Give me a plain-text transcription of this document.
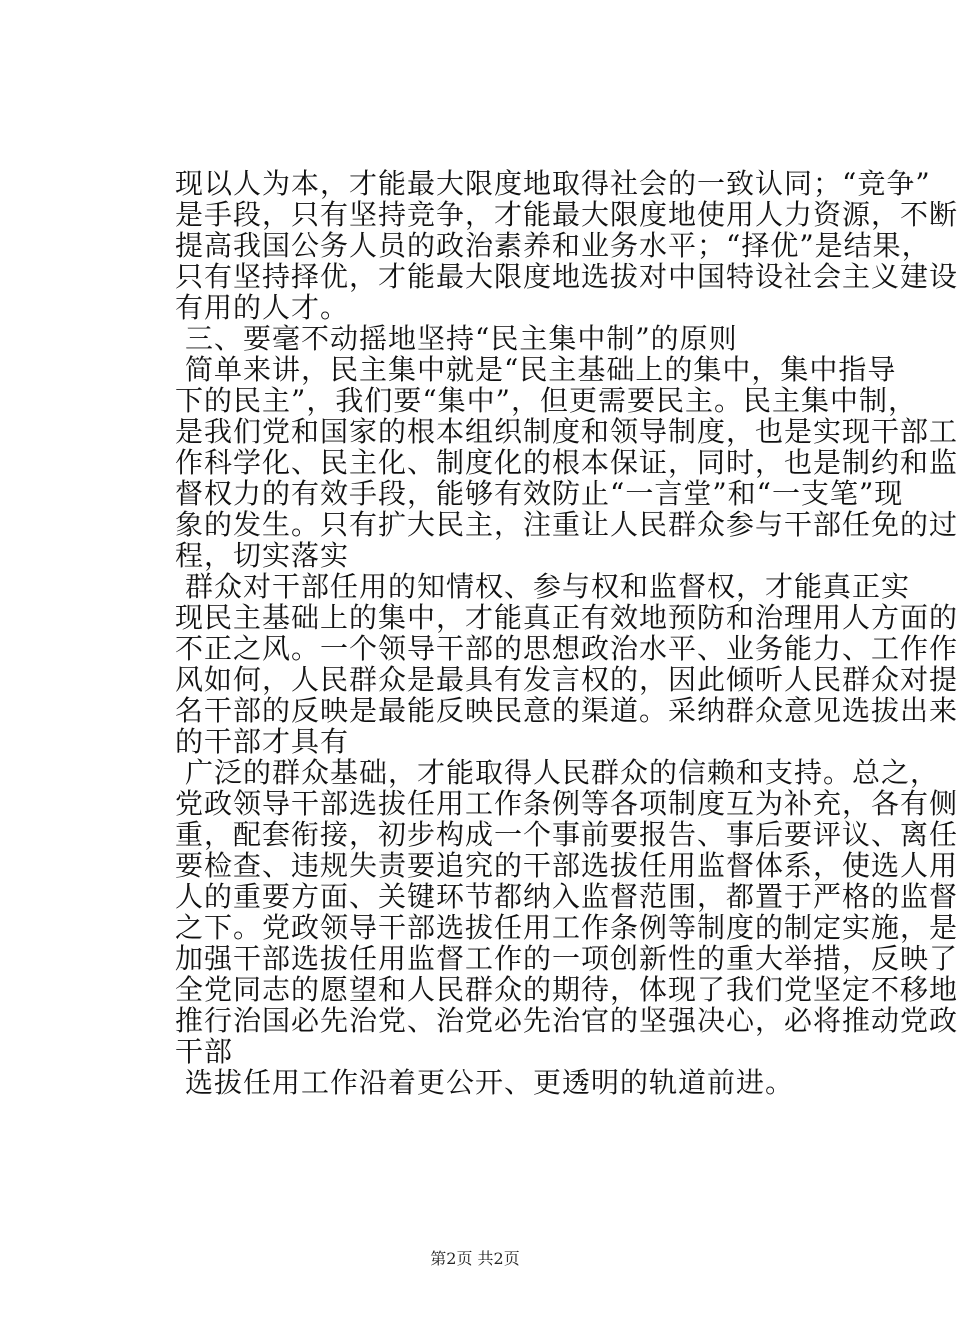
现以人为本，才能最大限度地取得社会的一致认同；“竞争”
是手段，只有坚持竞争，才能最大限度地使用人力资源，不断
提高我国公务人员的政治素养和业务水平；“择优”是结果，
只有坚持择优，才能最大限度地选拔对中国特设社会主义建设
有用的人才。
三、要毫不动摇地坚持“民主集中制”的原则
简单来讲，民主集中就是“民主基础上的集中，集中指导
下的民主”，我们要“集中”，但更需要民主。民主集中制，
是我们党和国家的根本组织制度和领导制度，也是实现干部工
作科学化、民主化、制度化的根本保证，同时，也是制约和监
督权力的有效手段，能够有效防止“一言堂”和“一支笔”现
象的发生。只有扩大民主，注重让人民群众参与干部任免的过
程，切实落实
群众对干部任用的知情权、参与权和监督权，才能真正实
现民主基础上的集中，才能真正有效地预防和治理用人方面的
不正之风。一个领导干部的思想政治水平、业务能力、工作作
风如何，人民群众是最具有发言权的，因此倾听人民群众对提
名干部的反映是最能反映民意的渠道。采纳群众意见选拔出来
的干部才具有
广泛的群众基础，才能取得人民群众的信赖和支持。总之，
党政领导干部选拔任用工作条例等各项制度互为补充，各有侧
重，配套衔接，初步构成一个事前要报告、事后要评议、离任
要检查、违规失责要追究的干部选拔任用监督体系，使选人用
人的重要方面、关键环节都纳入监督范围，都置于严格的监督
之下。党政领导干部选拔任用工作条例等制度的制定实施，是
加强干部选拔任用监督工作的一项创新性的重大举措，反映了
全党同志的愿望和人民群众的期待，体现了我们党坚定不移地
推行治国必先治党、治党必先治官的坚强决心，必将推动党政
干部
选拔任用工作沿着更公开、更透明的轨道前进。
第2页 共2页
